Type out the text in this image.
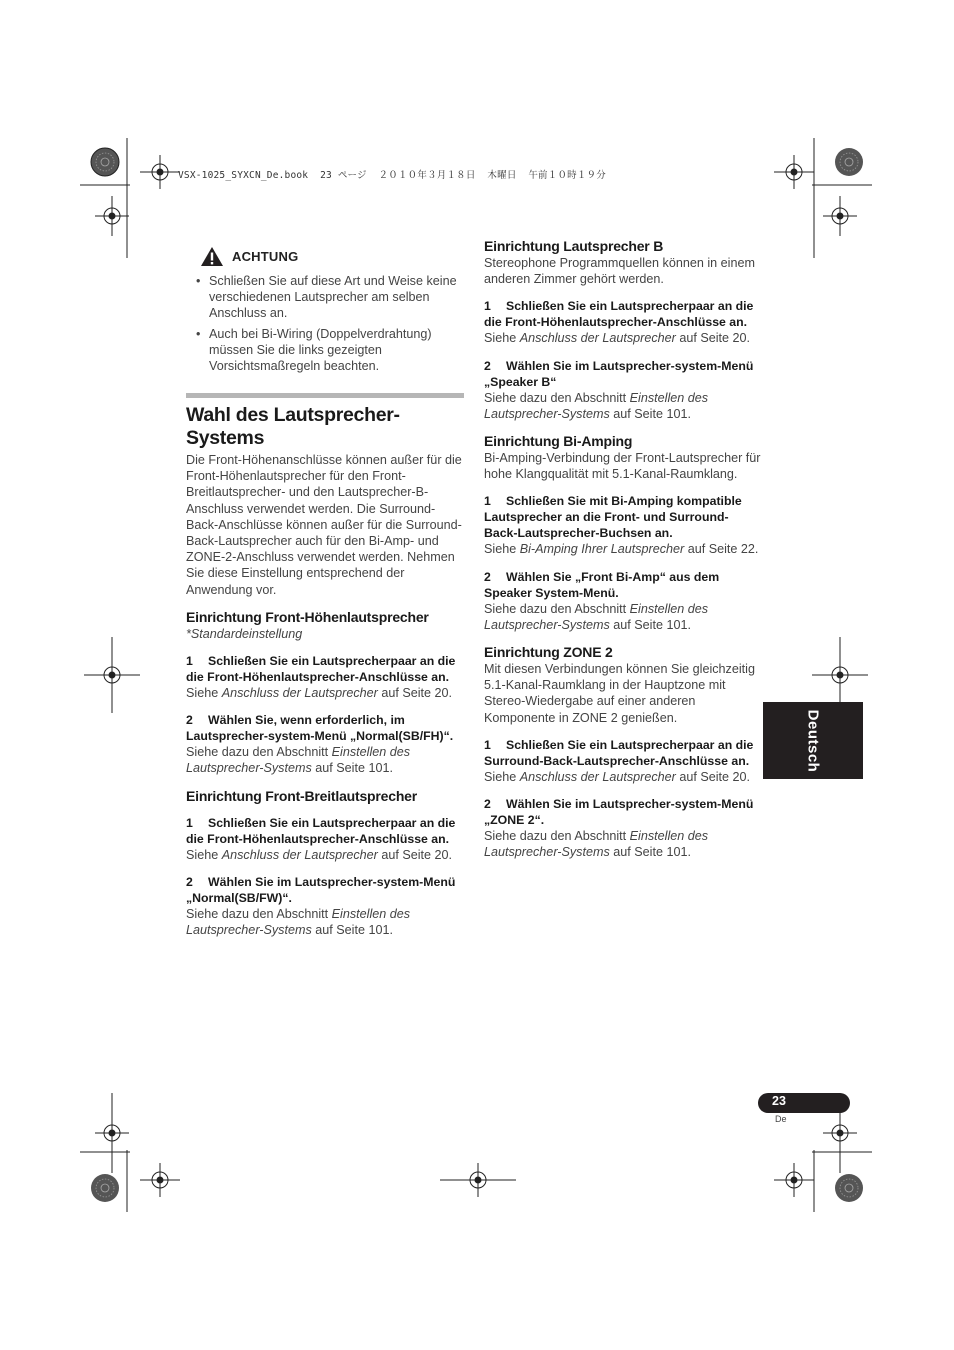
VSX-1025_SYXCN_De.book  23 ページ  ２０１０年３月１８日  木曜日  午前１０時１９分
ACHTUNG
• Schließen Sie auf diese Art und Weise keine verschiedenen Lautsprecher am selben Anschluss an.
• Auch bei Bi-Wiring (Doppelverdrahtung) müssen Sie die links gezeigten Vorsichtsmaßregeln beachten.
Wahl des Lautsprecher-Systems

Die Front-Höhenanschlüsse können außer für die Front-Höhenlautsprecher für den Front-Breitlautsprecher- und den Lautsprecher-B-Anschluss verwendet werden. Die Surround-Back-Anschlüsse können außer für die Surround-Back-Lautsprecher auch für den Bi-Amp- und ZONE-2-Anschluss verwendet werden. Nehmen Sie diese Einstellung entsprechend der Anwendung vor.

Einrichtung Front-Höhenlautsprecher

*Standardeinstellung

1 Schließen Sie ein Lautsprecherpaar an die die Front-Höhenlautsprecher-Anschlüsse an.

Siehe Anschluss der Lautsprecher auf Seite 20.

2 Wählen Sie, wenn erforderlich, im Lautsprecher-system-Menü „Normal(SB/FH)“.

Siehe dazu den Abschnitt Einstellen des Lautsprecher-Systems auf Seite 101.

Einrichtung Front-Breitlautsprecher
1 Schließen Sie ein Lautsprecherpaar an die die Front-Höhenlautsprecher-Anschlüsse an.

Siehe Anschluss der Lautsprecher auf Seite 20.

2 Wählen Sie im Lautsprecher-system-Menü „Normal(SB/FW)“.

Siehe dazu den Abschnitt Einstellen des Lautsprecher-Systems auf Seite 101.

Einrichtung Lautsprecher B

Stereophone Programmquellen können in einem anderen Zimmer gehört werden.

1 Schließen Sie ein Lautsprecherpaar an die die Front-Höhenlautsprecher-Anschlüsse an.

Siehe Anschluss der Lautsprecher auf Seite 20.

2 Wählen Sie im Lautsprecher-system-Menü „Speaker B“

Siehe dazu den Abschnitt Einstellen des Lautsprecher-Systems auf Seite 101.

Einrichtung Bi-Amping

Bi-Amping-Verbindung der Front-Lautsprecher für hohe Klangqualität mit 5.1-Kanal-Raumklang.

1 Schließen Sie mit Bi-Amping kompatible Lautsprecher an die Front- und Surround-Back-Lautsprecher-Buchsen an.

Siehe Bi-Amping Ihrer Lautsprecher auf Seite 22.

2 Wählen Sie „Front Bi-Amp“ aus dem Speaker System-Menü.

Siehe dazu den Abschnitt Einstellen des Lautsprecher-Systems auf Seite 101.

Einrichtung ZONE 2

Mit diesen Verbindungen können Sie gleichzeitig 5.1-Kanal-Raumklang in der Hauptzone mit Stereo-Wiedergabe auf einer anderen Komponente in ZONE 2 genießen.

1 Schließen Sie ein Lautsprecherpaar an die Surround-Back-Lautsprecher-Anschlüsse an.

Siehe Anschluss der Lautsprecher auf Seite 20.

2 Wählen Sie im Lautsprecher-system-Menü „ZONE 2“.

Siehe dazu den Abschnitt Einstellen des Lautsprecher-Systems auf Seite 101.

Deutsch
23
De
